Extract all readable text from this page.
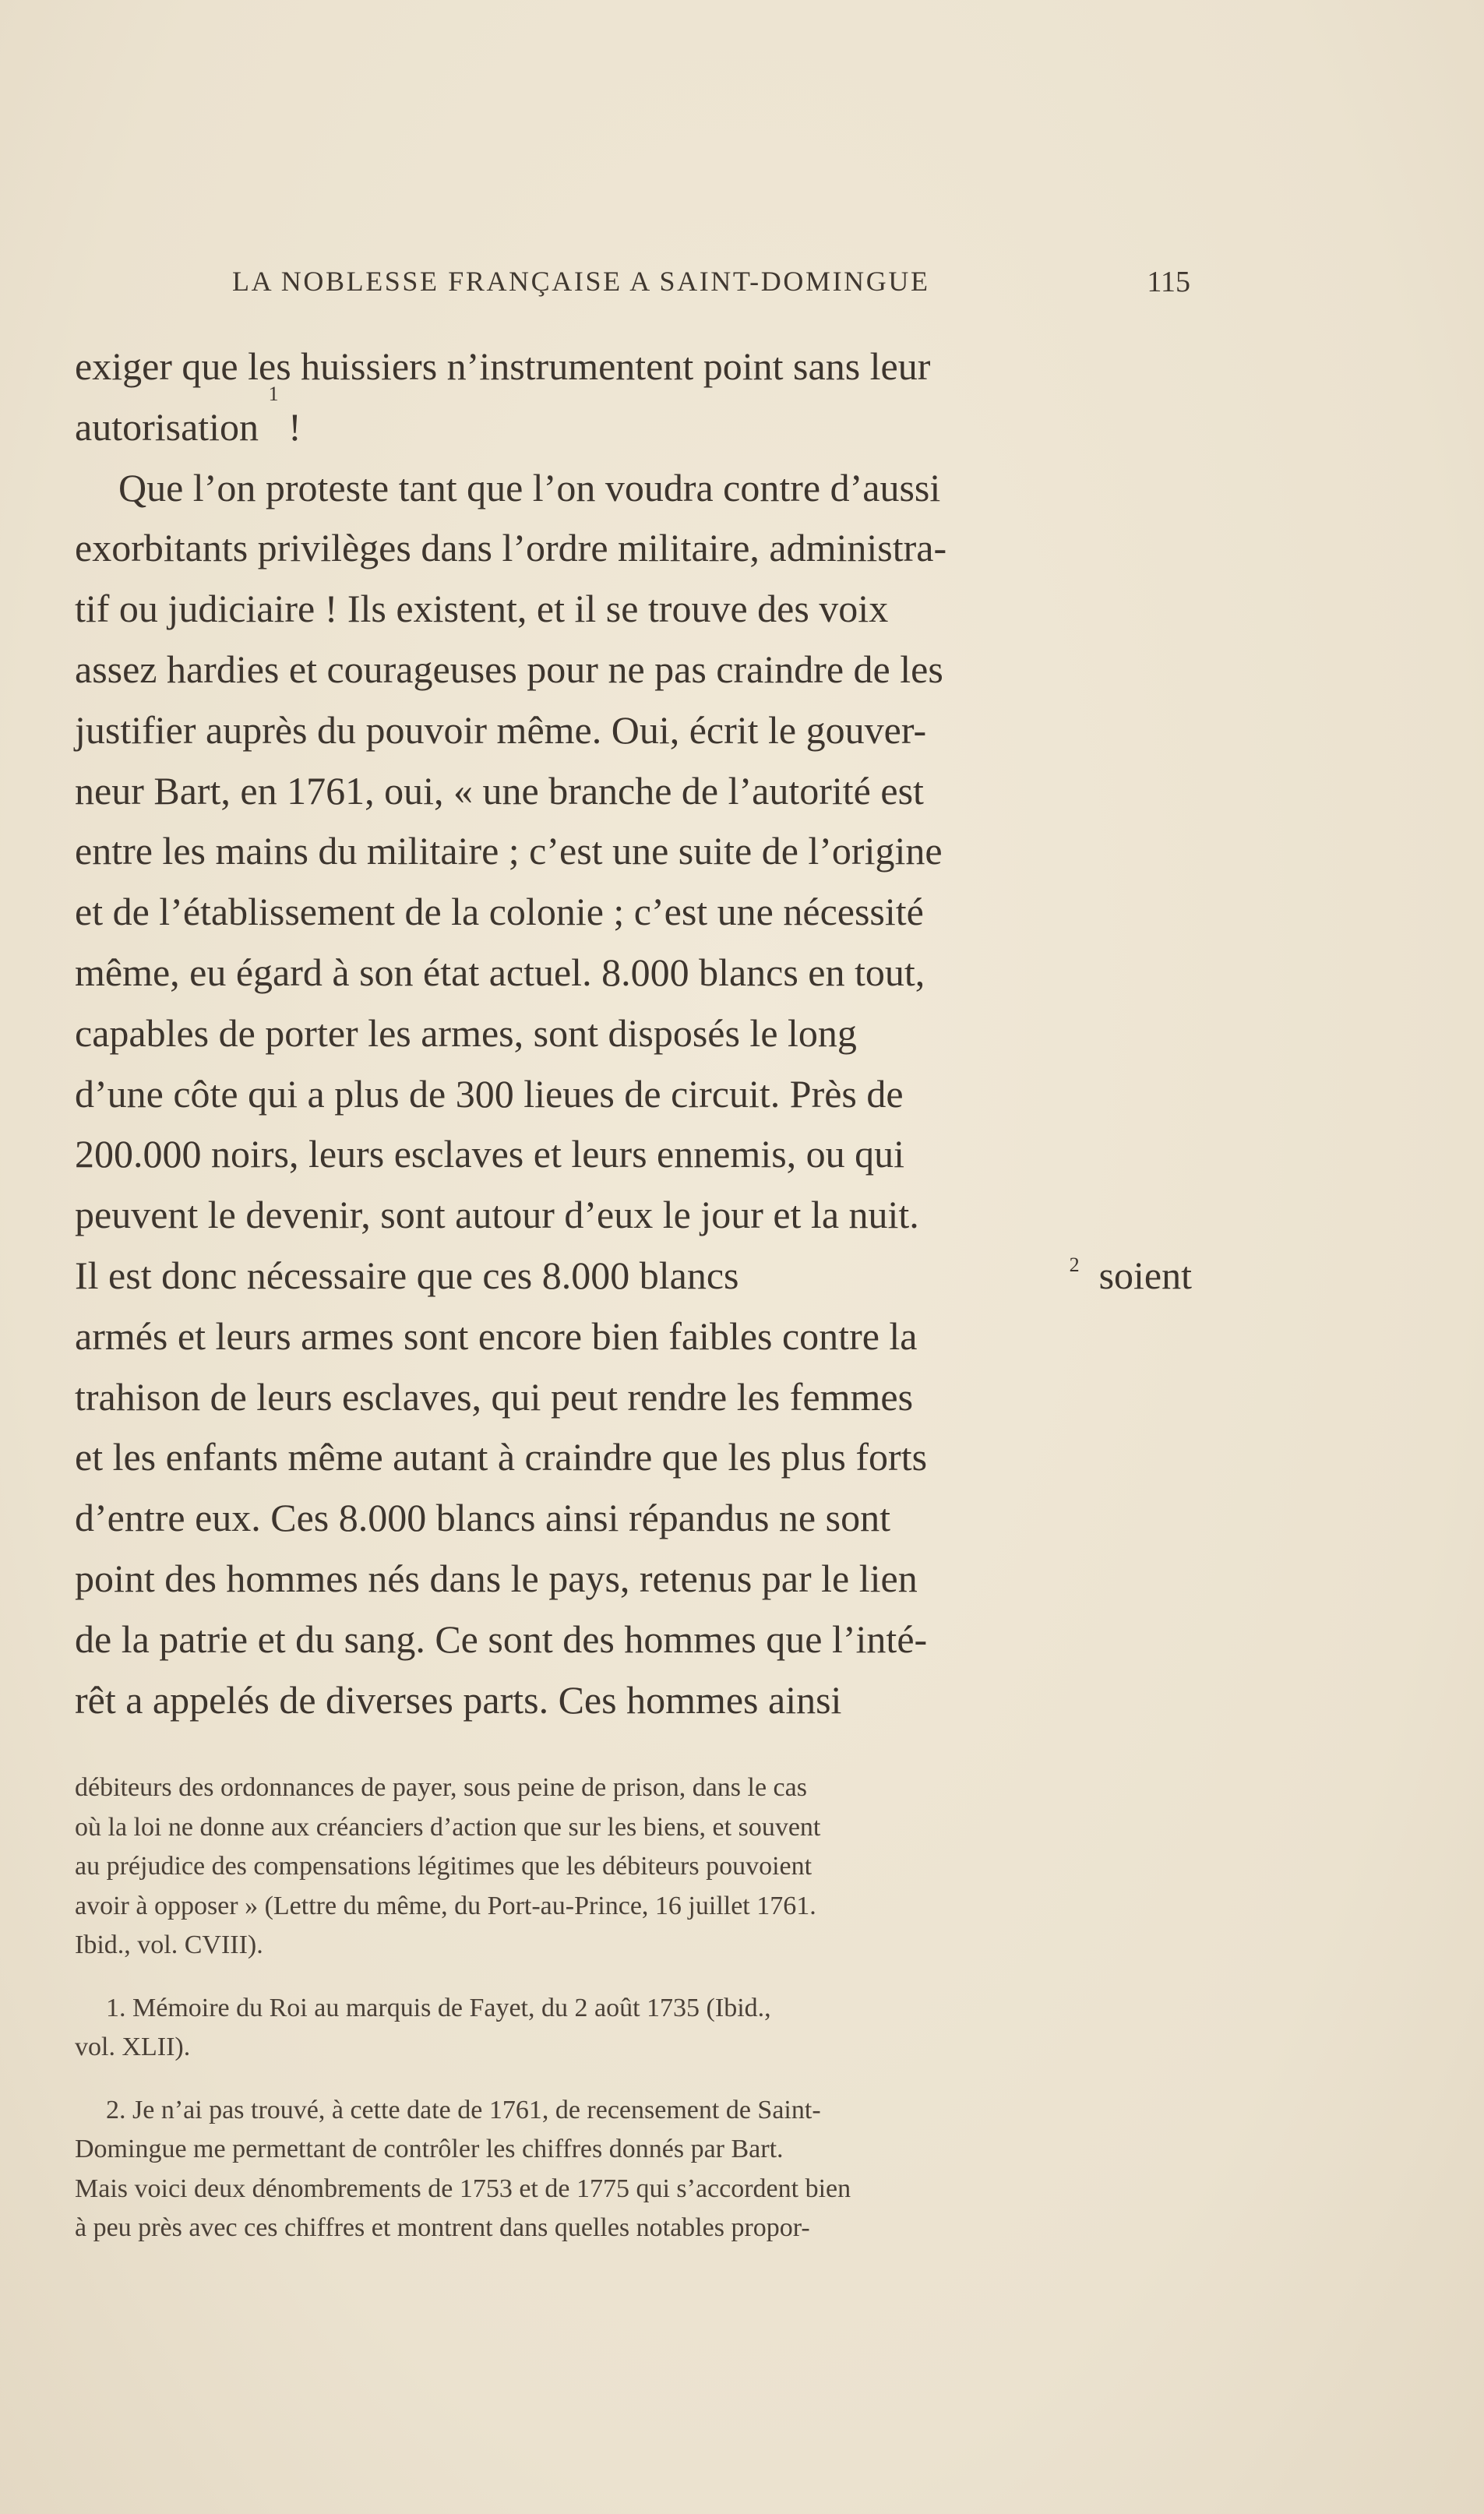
LA NOBLESSE FRANÇAISE A SAINT-DOMINGUE	115
exiger que les huissiers n’instrumentent point sans leur
autorisation

$^1$

!
Que l’on proteste tant que l’on voudra contre d’aussi
exorbitants privilèges dans l’ordre militaire, administra-
tif ou judiciaire ! Ils existent, et il se trouve des voix
assez hardies et courageuses pour ne pas craindre de les
justifier auprès du pouvoir même. Oui, écrit le gouver-
neur Bart, en 1761, oui, « une branche de l’autorité est
entre les mains du militaire ; c’est une suite de l’origine
et de l’établissement de la colonie ; c’est une nécessité
même, eu égard à son état actuel. 8.000 blancs en tout,
capables de porter les armes, sont disposés le long
d’une côte qui a plus de 300 lieues de circuit. Près de
200.000 noirs, leurs esclaves et leurs ennemis, ou qui
peuvent le devenir, sont autour d’eux le jour et la nuit.
Il est donc nécessaire que ces 8.000 blancs	$^2$ soient
armés et leurs armes sont encore bien faibles contre la
trahison de leurs esclaves, qui peut rendre les femmes
et les enfants même autant à craindre que les plus forts
d’entre eux. Ces 8.000 blancs ainsi répandus ne sont
point des hommes nés dans le pays, retenus par le lien
de la patrie et du sang. Ce sont des hommes que l’inté-
rêt a appelés de diverses parts. Ces hommes ainsi
débiteurs des ordonnances de payer, sous peine de prison, dans le cas
où la loi ne donne aux créanciers d’action que sur les biens, et souvent
au préjudice des compensations légitimes que les débiteurs pouvoient
avoir à opposer » (Lettre du même, du Port-au-Prince, 16 juillet 1761.
Ibid., vol. CVIII).
1. Mémoire du Roi au marquis de Fayet, du 2 août 1735 (Ibid.,
vol. XLII).
2. Je n’ai pas trouvé, à cette date de 1761, de recensement de Saint-
Domingue me permettant de contrôler les chiffres donnés par Bart.
Mais voici deux dénombrements de 1753 et de 1775 qui s’accordent bien
à peu près avec ces chiffres et montrent dans quelles notables propor-
